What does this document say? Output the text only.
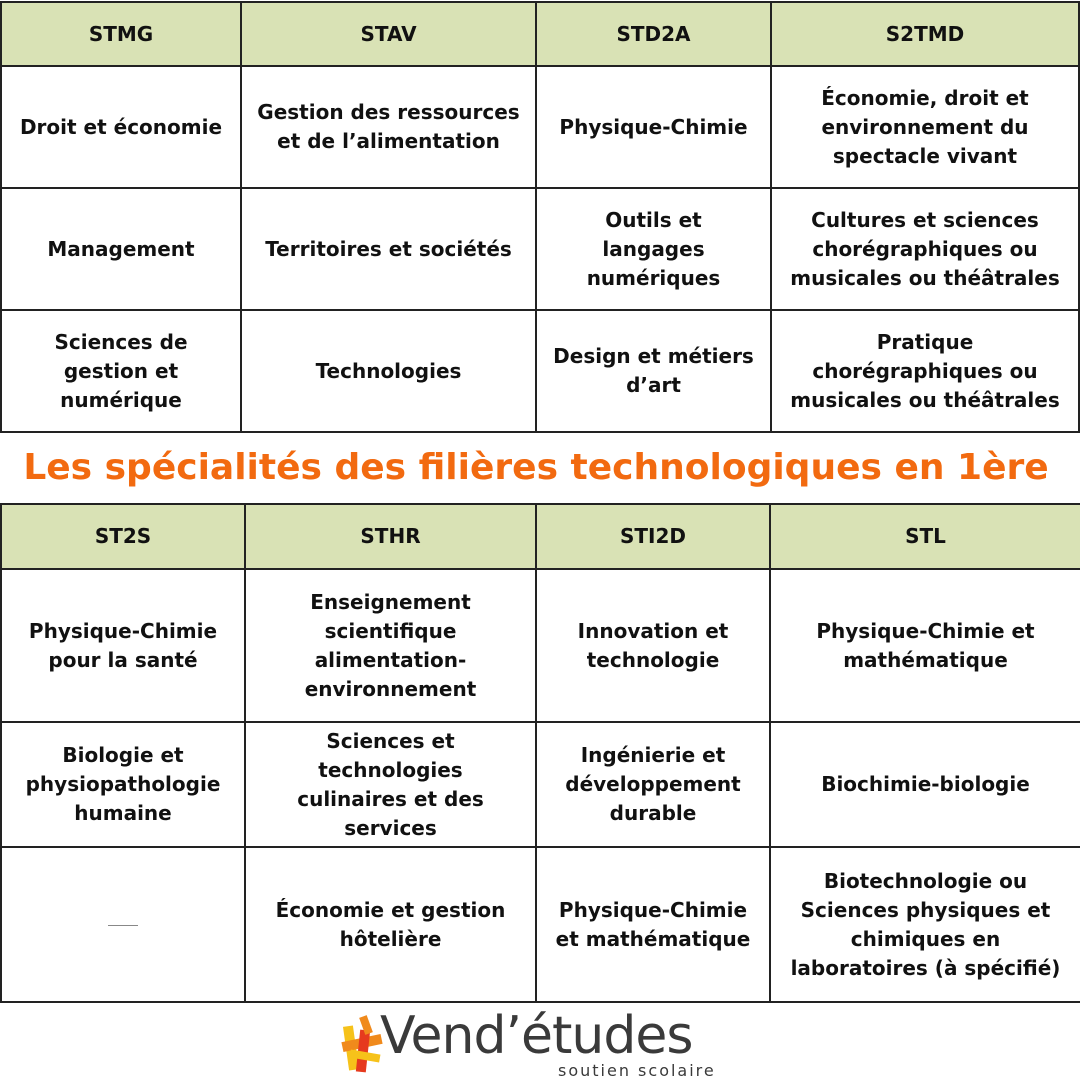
STMG	STAV	STD2A	S2TMD
Droit et économie	Gestion des ressources et de l’alimentation	Physique-Chimie	Économie, droit et environnement du spectacle vivant
Management	Territoires et sociétés	Outils et langages numériques	Cultures et sciences chorégraphiques ou musicales ou théâtrales
Sciences de gestion et numérique	Technologies	Design et métiers d’art	Pratique chorégraphiques ou musicales ou théâtrales
Les spécialités des filières technologiques en 1ère
ST2S	STHR	STI2D	STL
Physique-Chimie pour la santé	Enseignement scientifique alimentation-environnement	Innovation et technologie	Physique-Chimie et mathématique
Biologie et physiopathologie humaine	Sciences et technologies culinaires et des services	Ingénierie et développement durable	Biochimie-biologie
	Économie et gestion hôtelière	Physique-Chimie et mathématique	Biotechnologie ou Sciences physiques et chimiques en laboratoires (à spécifié)
Vend’études
soutien scolaire
